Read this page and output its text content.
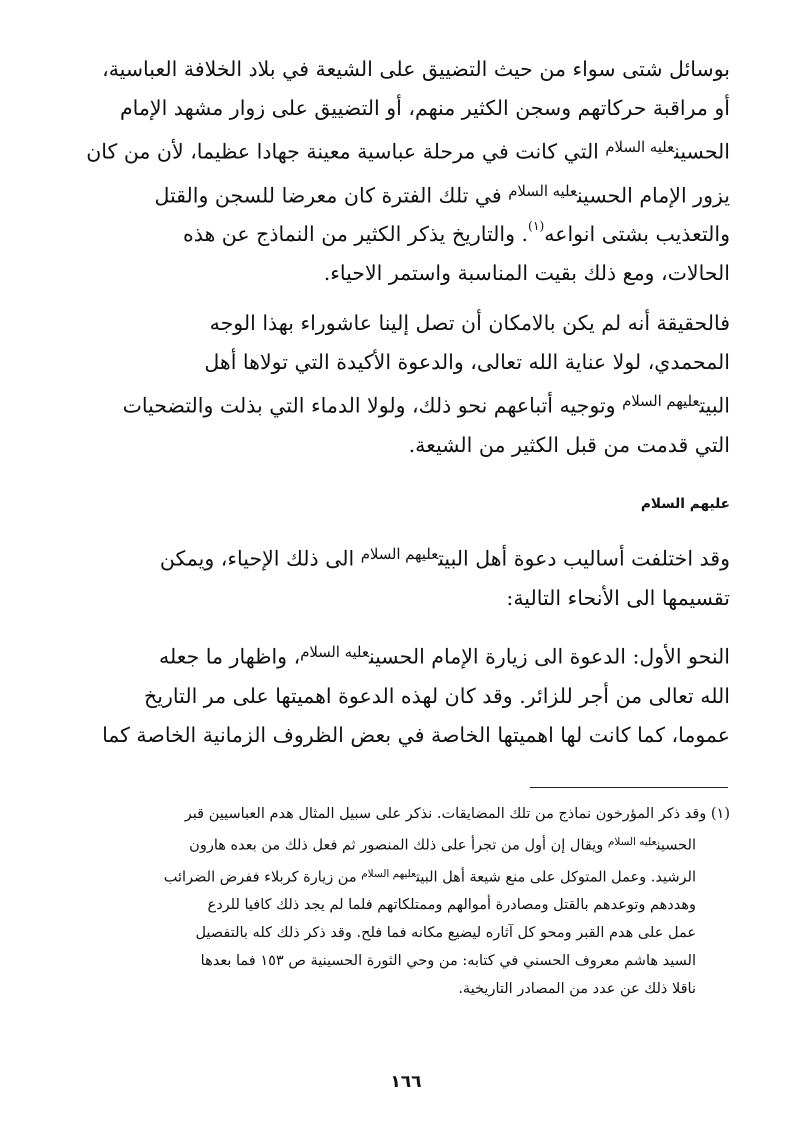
بوسائل شتى سواء من حيث التضييق على الشيعة في بلاد الخلافة العباسية،
أو مراقبة حركاتهم وسجن الكثير منهم، أو التضييق على زوار مشهد الإمام
الحسين$^{عليه السلام}$ التي كانت في مرحلة عباسية معينة جهادا عظيما، لأن من كان
يزور الإمام الحسين$^{عليه السلام}$ في تلك الفترة كان معرضا للسجن والقتل
والتعذيب بشتى انواعه$^{(١)}$. والتاريخ يذكر الكثير من النماذج عن هذه
الحالات، ومع ذلك بقيت المناسبة واستمر الاحياء.
فالحقيقة أنه لم يكن بالامكان أن تصل إلينا عاشوراء بهذا الوجه
المحمدي، لولا عناية الله تعالى، والدعوة الأكيدة التي تولاها أهل
البيت$^{عليهم السلام}$ وتوجيه أتباعهم نحو ذلك، ولولا الدماء التي بذلت والتضحيات
التي قدمت من قبل الكثير من الشيعة.
$^{عليهم السلام}$
وقد اختلفت أساليب دعوة أهل البيت$^{عليهم السلام}$ الى ذلك الإحياء، ويمكن
تقسيمها الى الأنحاء التالية:
النحو الأول: الدعوة الى زيارة الإمام الحسين$^{عليه السلام}$، واظهار ما جعله
الله تعالى من أجر للزائر. وقد كان لهذه الدعوة اهميتها على مر التاريخ
عموما، كما كانت لها اهميتها الخاصة في بعض الظروف الزمانية الخاصة كما
(١) وقد ذكر المؤرخون نماذج من تلك المضايقات. نذكر على سبيل المثال هدم العباسيين قبر
الحسين$^{عليه السلام}$ ويقال إن أول من تجرأ على ذلك المنصور ثم فعل ذلك من بعده هارون
الرشيد. وعمل المتوكل على منع شيعة أهل البيت$^{عليهم السلام}$ من زيارة كربلاء ففرض الضرائب
وهددهم وتوعدهم بالقتل ومصادرة أموالهم وممتلكاتهم فلما لم يجد ذلك كافيا للردع
عمل على هدم القبر ومحو كل آثاره ليضيع مكانه فما فلح. وقد ذكر ذلك كله بالتفصيل
السيد هاشم معروف الحسني في كتابه: من وحي الثورة الحسينية ص ١٥٣ فما بعدها
ناقلا ذلك عن عدد من المصادر التاريخية.
١٦٦
